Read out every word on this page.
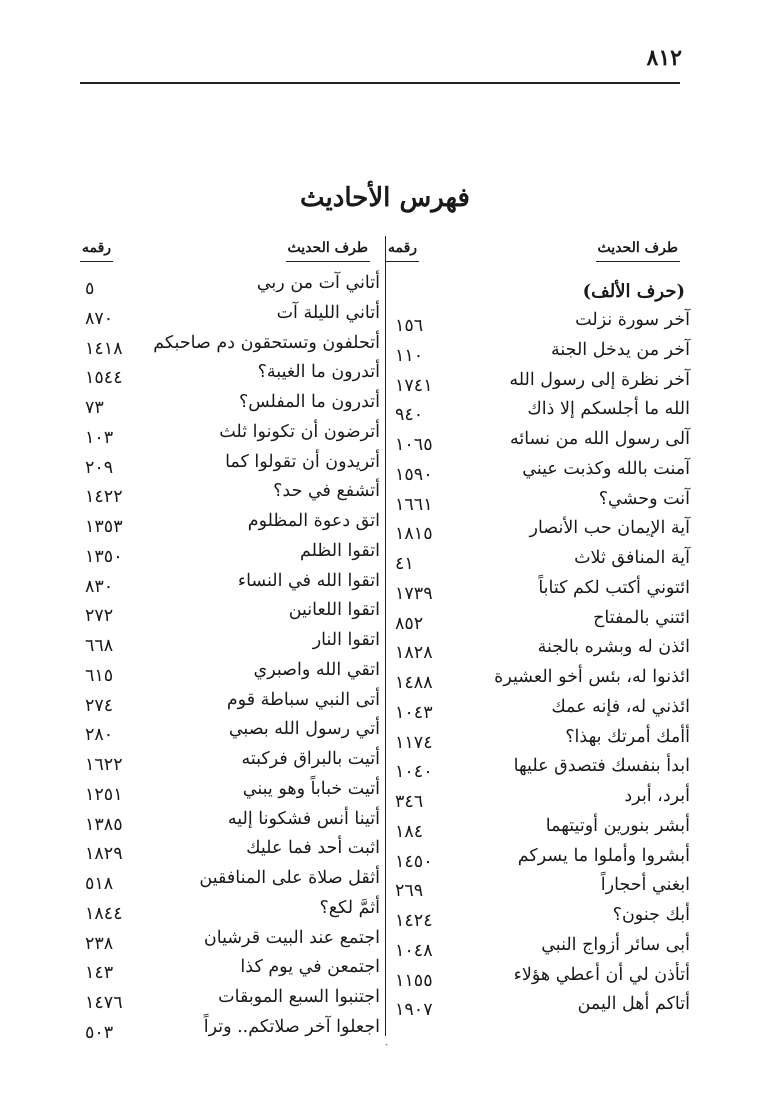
٨١٢
فهرس الأحاديث
طرف الحديث
رقمه
طرف الحديث
رقمه
ˏ
(حرف الألف)
آخر سورة نزلت
١٥٦
آخر من يدخل الجنة
١١٠
آخر نظرة إلى رسول الله
١٧٤١
الله ما أجلسكم إلا ذاك
٩٤٠
آلى رسول الله من نسائه
١٠٦٥
آمنت بالله وكذبت عيني
١٥٩٠
آنت وحشي؟
١٦٦١
آية الإيمان حب الأنصار
١٨١٥
آية المنافق ثلاث
٤١
ائتوني أكتب لكم كتاباً
١٧٣٩
ائتني بالمفتاح
٨٥٢
ائذن له وبشره بالجنة
١٨٢٨
ائذنوا له، بئس أخو العشيرة
١٤٨٨
ائذني له، فإنه عمك
١٠٤٣
أأمك أمرتك بهذا؟
١١٧٤
ابدأ بنفسك فتصدق عليها
١٠٤٠
أبرد، أبرد
٣٤٦
أبشر بنورين أوتيتهما
١٨٤
أبشروا وأملوا ما يسركم
١٤٥٠
ابغني أحجاراً
٢٦٩
أبك جنون؟
١٤٢٤
أبى سائر أزواج النبي
١٠٤٨
أتأذن لي أن أعطي هؤلاء
١١٥٥
أتاكم أهل اليمن
١٩٠٧
أتاني آت من ربي
٥
أتاني الليلة آت
٨٧٠
أتحلفون وتستحقون دم صاحبكم
١٤١٨
أتدرون ما الغيبة؟
١٥٤٤
أتدرون ما المفلس؟
٧٣
أترضون أن تكونوا ثلث
١٠٣
أتريدون أن تقولوا كما
٢٠٩
أتشفع في حد؟
١٤٢٢
اتق دعوة المظلوم
١٣٥٣
اتقوا الظلم
١٣٥٠
اتقوا الله في النساء
٨٣٠
اتقوا اللعانين
٢٧٢
اتقوا النار
٦٦٨
اتقي الله واصبري
٦١٥
أتى النبي سباطة قوم
٢٧٤
أتي رسول الله بصبي
٢٨٠
أتيت بالبراق فركبته
١٦٢٢
أتيت خباباً وهو يبني
١٢٥١
أتينا أنس فشكونا إليه
١٣٨٥
اثبت أحد فما عليك
١٨٢٩
أثقل صلاة على المنافقين
٥١٨
أثمَّ لكع؟
١٨٤٤
اجتمع عند البيت قرشيان
٢٣٨
اجتمعن في يوم كذا
١٤٣
اجتنبوا السبع الموبقات
١٤٧٦
اجعلوا آخر صلاتكم.. وتراً
٥٠٣
